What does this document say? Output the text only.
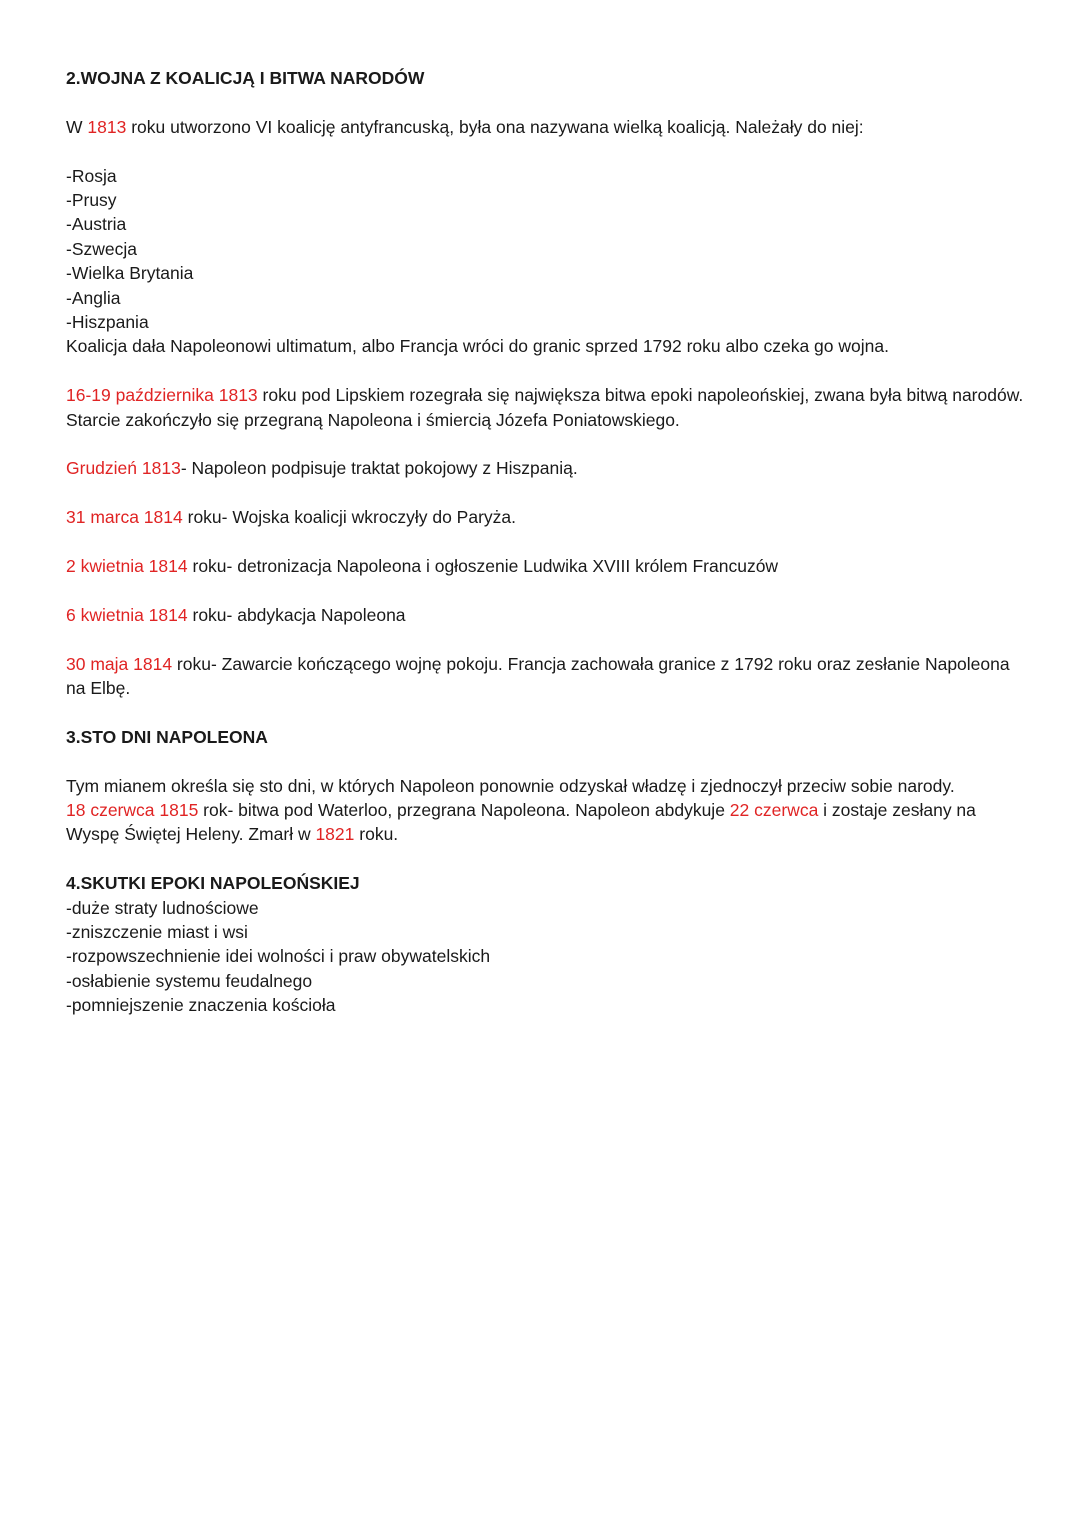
2.WOJNA Z KOALICJĄ I BITWA NARODÓW

W 1813 roku utworzono VI koalicję antyfrancuską, była ona nazywana wielką koalicją. Należały do niej:

-Rosja
-Prusy
-Austria
-Szwecja
-Wielka Brytania
-Anglia
-Hiszpania

Koalicja dała Napoleonowi ultimatum, albo Francja wróci do granic sprzed 1792 roku albo czeka go wojna.

16-19 października 1813 roku pod Lipskiem rozegrała się największa bitwa epoki napoleońskiej, zwana była bitwą narodów. Starcie zakończyło się przegraną Napoleona i śmiercią Józefa Poniatowskiego.

Grudzień 1813- Napoleon podpisuje traktat pokojowy z Hiszpanią.

31 marca 1814 roku- Wojska koalicji wkroczyły do Paryża.

2 kwietnia 1814 roku- detronizacja Napoleona i ogłoszenie Ludwika XVIII królem Francuzów

6 kwietnia 1814 roku- abdykacja Napoleona

30 maja 1814 roku- Zawarcie kończącego wojnę pokoju. Francja zachowała granice z 1792 roku oraz zesłanie Napoleona na Elbę.

3.STO DNI NAPOLEONA

Tym mianem określa się sto dni, w których Napoleon ponownie odzyskał władzę i zjednoczył przeciw sobie narody.

18 czerwca 1815 rok- bitwa pod Waterloo, przegrana Napoleona. Napoleon abdykuje 22 czerwca i zostaje zesłany na Wyspę Świętej Heleny. Zmarł w 1821 roku.

4.SKUTKI EPOKI NAPOLEOŃSKIEJ

-duże straty ludnościowe
-zniszczenie miast i wsi
-rozpowszechnienie idei wolności i praw obywatelskich
-osłabienie systemu feudalnego
-pomniejszenie znaczenia kościoła
